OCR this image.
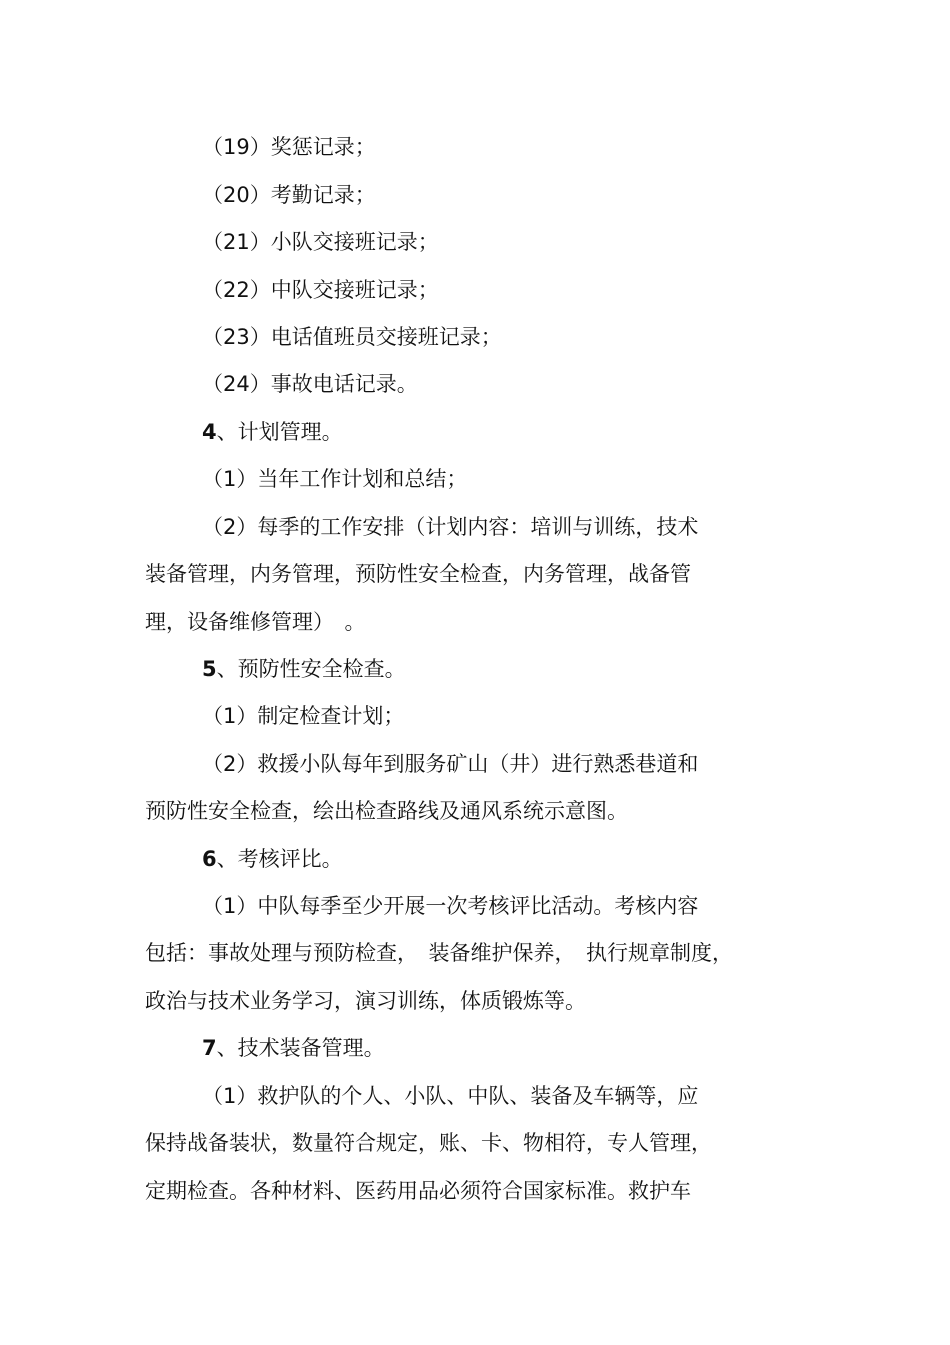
（19）奖惩记录；
（20）考勤记录；
（21）小队交接班记录；
（22）中队交接班记录；
（23）电话值班员交接班记录；
（24）事故电话记录。
4、计划管理。
（1）当年工作计划和总结；
（2）每季的工作安排（计划内容：培训与训练，技术
装备管理，内务管理，预防性安全检查，内务管理，战备管
理，设备维修管理）　。
5、预防性安全检查。
（1）制定检查计划；
（2）救援小队每年到服务矿山（井）进行熟悉巷道和
预防性安全检查，绘出检查路线及通风系统示意图。
6、考核评比。
（1）中队每季至少开展一次考核评比活动。考核内容
包括：事故处理与预防检查，　装备维护保养，　执行规章制度，
政治与技术业务学习，演习训练，体质锻炼等。
7、技术装备管理。
（1）救护队的个人、小队、中队、装备及车辆等，应
保持战备装状，数量符合规定，账、卡、物相符，专人管理，
定期检查。各种材料、医药用品必须符合国家标准。救护车
